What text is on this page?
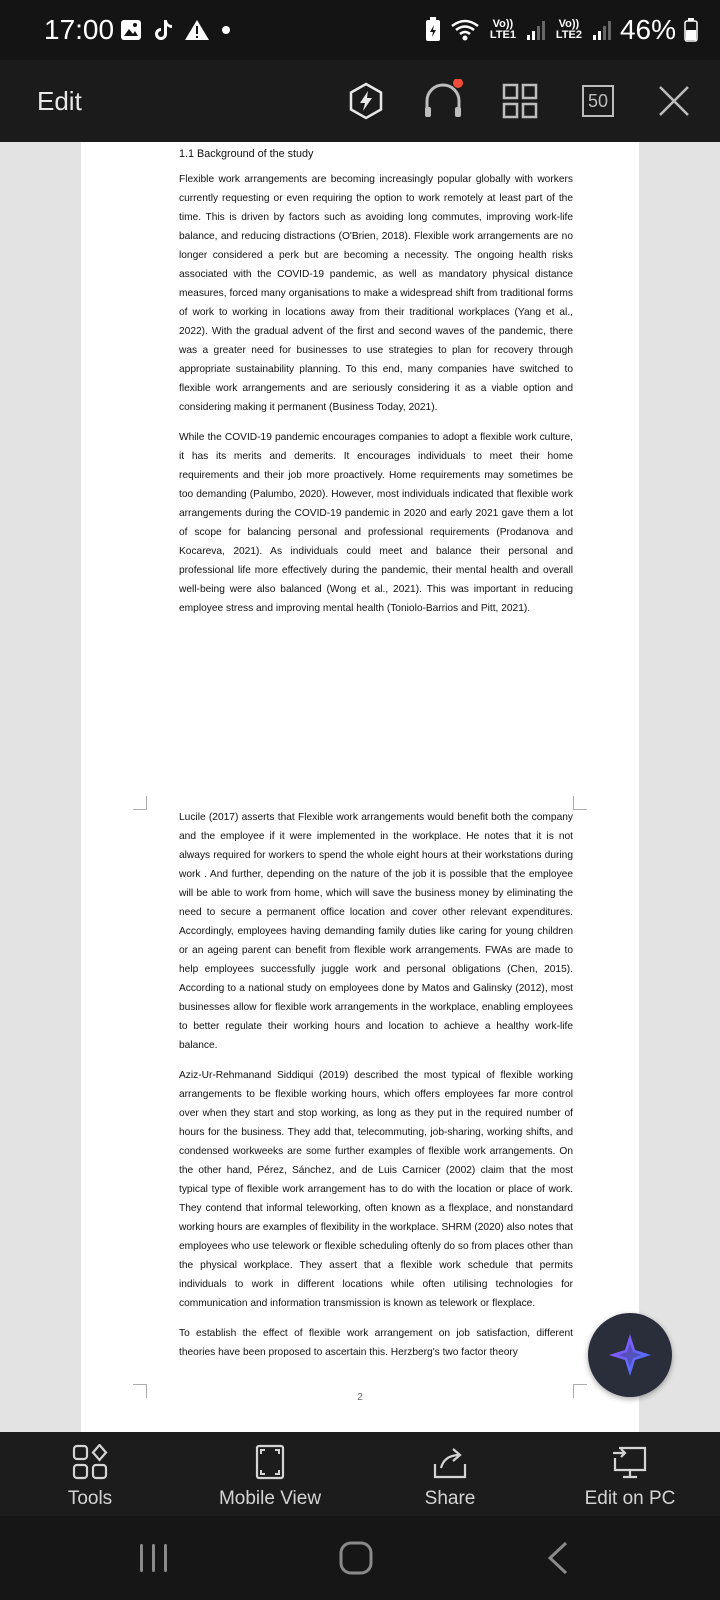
17:00	Vo)) LTE1
Vo)) LTE2 46%
Edit	50
1.1 Background of the study

Flexible work arrangements are becoming increasingly popular globally with workers currently requesting or even requiring the option to work remotely at least part of the time. This is driven by factors such as avoiding long commutes, improving work-life balance, and reducing distractions (O'Brien, 2018). Flexible work arrangements are no longer considered a perk but are becoming a necessity. The ongoing health risks associated with the COVID-19 pandemic, as well as mandatory physical distance measures, forced many organisations to make a widespread shift from traditional forms of work to working in locations away from their traditional workplaces (Yang et al., 2022). With the gradual advent of the first and second waves of the pandemic, there was a greater need for businesses to use strategies to plan for recovery through appropriate sustainability planning. To this end, many companies have switched to flexible work arrangements and are seriously considering it as a viable option and considering making it permanent (Business Today, 2021).

While the COVID-19 pandemic encourages companies to adopt a flexible work culture, it has its merits and demerits. It encourages individuals to meet their home requirements and their job more proactively. Home requirements may sometimes be too demanding (Palumbo, 2020). However, most individuals indicated that flexible work arrangements during the COVID-19 pandemic in 2020 and early 2021 gave them a lot of scope for balancing personal and professional requirements (Prodanova and Kocareva, 2021). As individuals could meet and balance their personal and professional life more effectively during the pandemic, their mental health and overall well-being were also balanced (Wong et al., 2021). This was important in reducing employee stress and improving mental health (Toniolo-Barrios and Pitt, 2021).

Lucile (2017) asserts that Flexible work arrangements would benefit both the company and the employee if it were implemented in the workplace. He notes that it is not always required for workers to spend the whole eight hours at their workstations during work . And further, depending on the nature of the job it is possible that the employee will be able to work from home, which will save the business money by eliminating the need to secure a permanent office location and cover other relevant expenditures. Accordingly, employees having demanding family duties like caring for young children or an ageing parent can benefit from flexible work arrangements. FWAs are made to help employees successfully juggle work and personal obligations (Chen, 2015). According to a national study on employees done by Matos and Galinsky (2012), most businesses allow for flexible work arrangements in the workplace, enabling employees to better regulate their working hours and location to achieve a healthy work-life balance.

Aziz-Ur-Rehmanand Siddiqui (2019) described the most typical of flexible working arrangements to be flexible working hours, which offers employees far more control over when they start and stop working, as long as they put in the required number of hours for the business. They add that, telecommuting, job-sharing, working shifts, and condensed workweeks are some further examples of flexible work arrangements. On the other hand, Pérez, Sánchez, and de Luis Carnicer (2002) claim that the most typical type of flexible work arrangement has to do with the location or place of work. They contend that informal teleworking, often known as a flexplace, and nonstandard working hours are examples of flexibility in the workplace. SHRM (2020) also notes that employees who use telework or flexible scheduling oftenly do so from places other than the physical workplace. They assert that a flexible work schedule that permits individuals to work in different locations while often utilising technologies for communication and information transmission is known as telework or flexplace.

To establish the effect of flexible work arrangement on job satisfaction, different theories have been proposed to ascertain this. Herzberg's two factor theory

2
Tools	Mobile View	Share	Edit on PC
